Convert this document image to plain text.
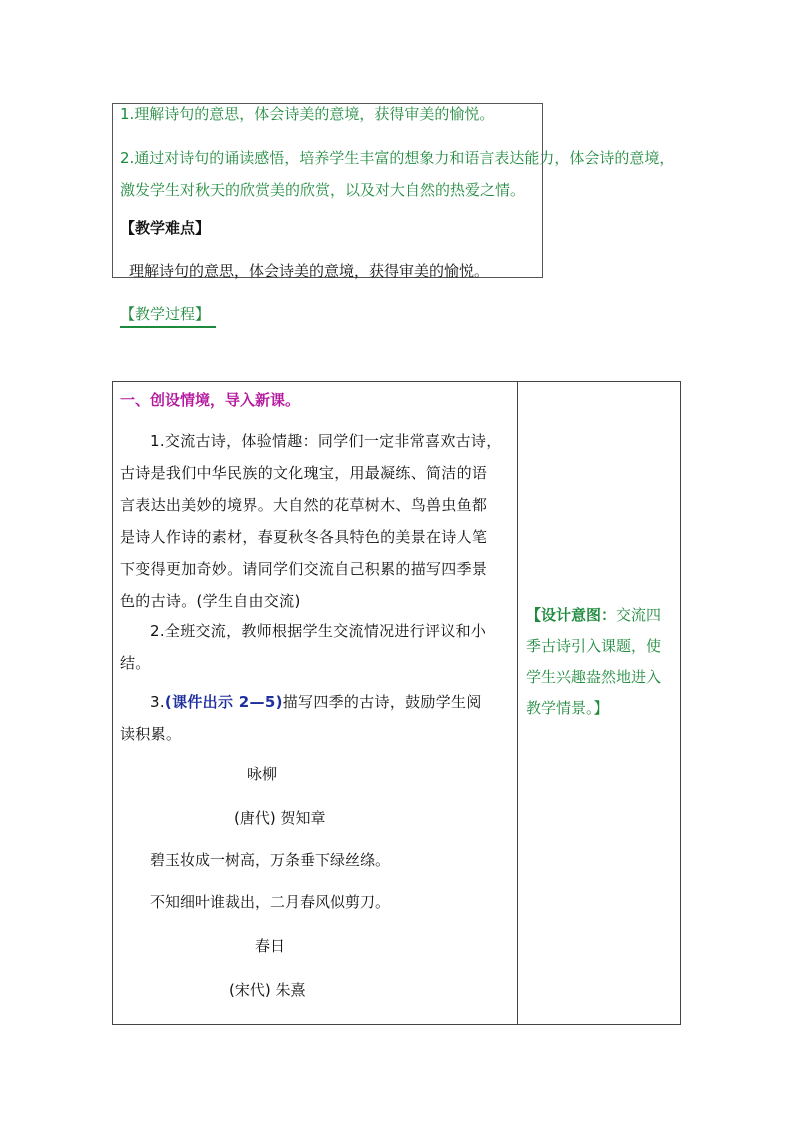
1.理解诗句的意思，体会诗美的意境，获得审美的愉悦。
2.通过对诗句的诵读感悟，培养学生丰富的想象力和语言表达能力，体会诗的意境，
激发学生对秋天的欣赏美的欣赏，以及对大自然的热爱之情。
【教学难点】
理解诗句的意思，体会诗美的意境，获得审美的愉悦。
【教学过程】
一、创设情境，导入新课。
1.交流古诗，体验情趣：同学们一定非常喜欢古诗，
古诗是我们中华民族的文化瑰宝，用最凝练、简洁的语
言表达出美妙的境界。大自然的花草树木、鸟兽虫鱼都
是诗人作诗的素材，春夏秋冬各具特色的美景在诗人笔
下变得更加奇妙。请同学们交流自己积累的描写四季景
色的古诗。(学生自由交流)
2.全班交流，教师根据学生交流情况进行评议和小
结。
3.(课件出示 2—5)描写四季的古诗，鼓励学生阅
读积累。
咏柳
(唐代) 贺知章
碧玉妆成一树高，万条垂下绿丝绦。
不知细叶谁裁出，二月春风似剪刀。
春日
(宋代) 朱熹
【设计意图：交流四
季古诗引入课题，使
学生兴趣盎然地进入
教学情景。】
